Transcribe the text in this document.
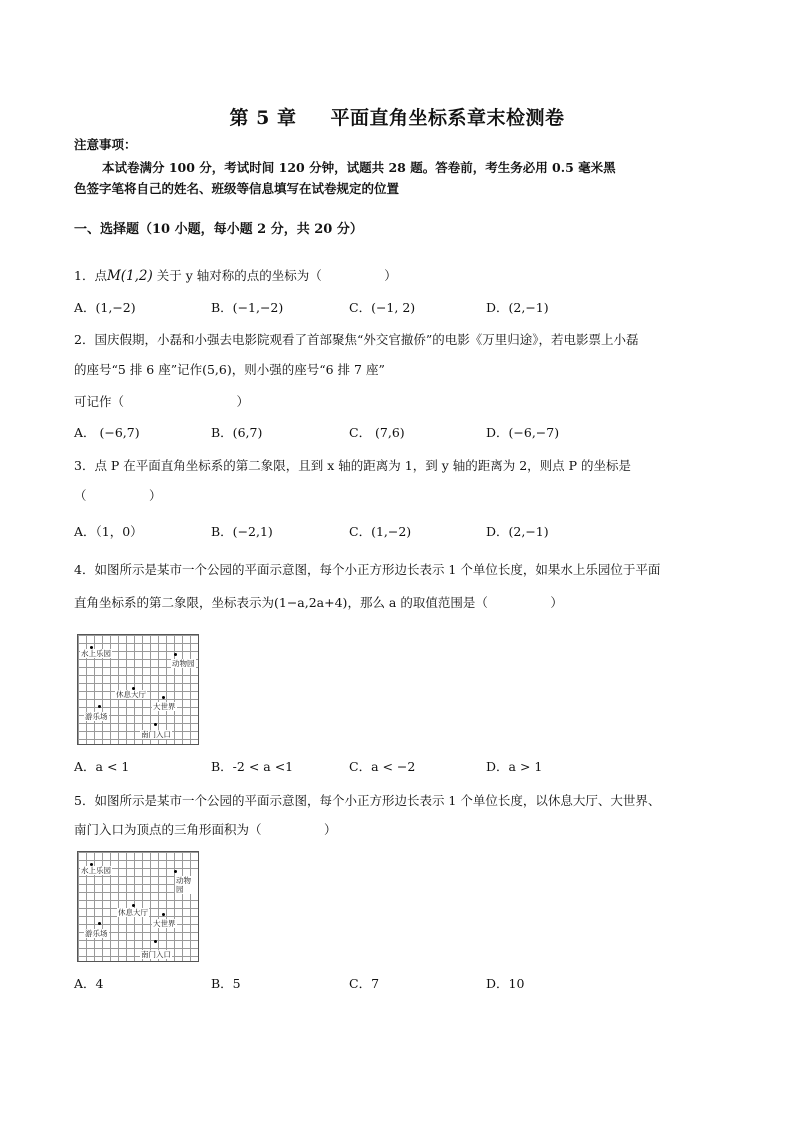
第 5 章 平面直角坐标系章末检测卷
注意事项：
本试卷满分 100 分，考试时间 120 分钟，试题共 28 题。答卷前，考生务必用 0.5 毫米黑
色签字笔将自己的姓名、班级等信息填写在试卷规定的位置
一、选择题（10 小题，每小题 2 分，共 20 分）
1．点M(1,2) 关于 y 轴对称的点的坐标为（　　　　　）
A．(1,−2)	B．(−1,−2)	C．(−1, 2)	D．(2,−1)
2．国庆假期，小磊和小强去电影院观看了首部聚焦“外交官撤侨”的电影《万里归途》，若电影票上小磊
的座号“5 排 6 座”记作(5,6)，则小强的座号“6 排 7 座”
可记作（　　　　　　　　　）
A． (−6,7)	B．(6,7)	C． (7,6)	D．(−6,−7)
3．点 P 在平面直角坐标系的第二象限，且到 x 轴的距离为 1，到 y 轴的距离为 2，则点 P 的坐标是
（　　　　　）
A．（1，0）	B．(−2,1)	C．(1,−2)	D．(2,−1)
4．如图所示是某市一个公园的平面示意图，每个小正方形边长表示 1 个单位长度，如果水上乐园位于平面
直角坐标系的第二象限，坐标表示为(1−a,2a+4)，那么 a 的取值范围是（　　　　　）
水上乐园
动物园
休息大厅
大世界
游乐场
南门入口
A．a < 1	B．-2 < a <1	C．a < −2	D．a > 1
5．如图所示是某市一个公园的平面示意图，每个小正方形边长表示 1 个单位长度，以休息大厅、大世界、
南门入口为顶点的三角形面积为（　　　　　）
水上乐园
动物园
休息大厅
大世界
游乐场
南门入口
A．4	B．5	C．7	D．10
